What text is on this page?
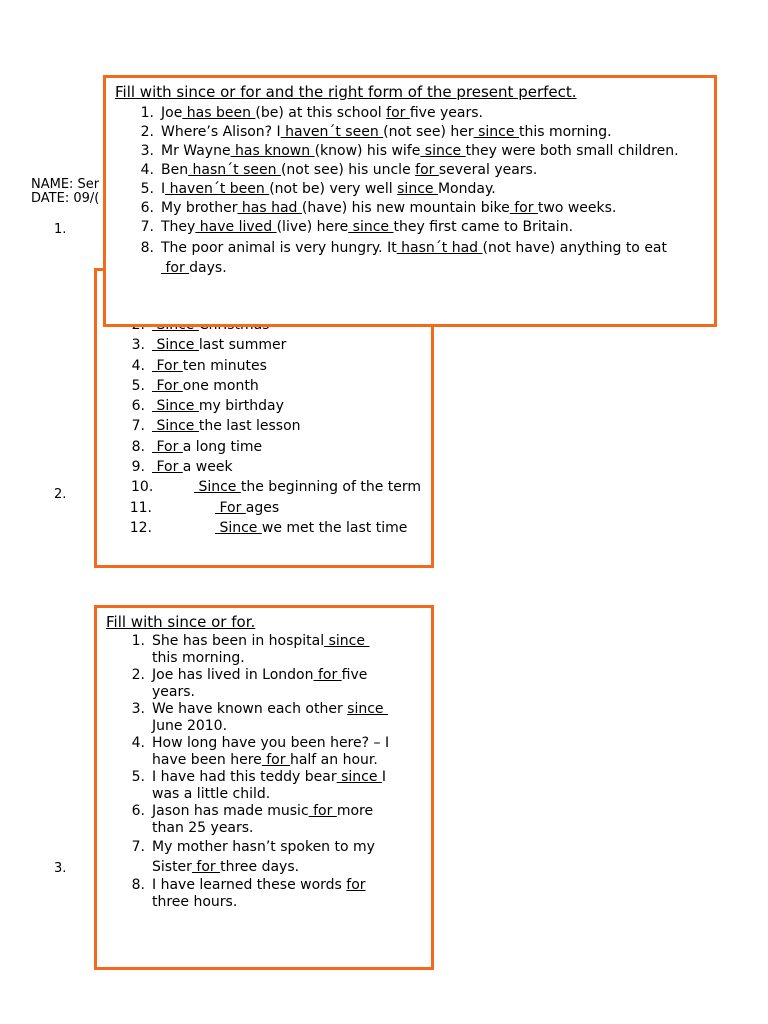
NAME: Ser
DATE: 09/(
1.
2.
3.
3. Since last summer
4. For ten minutes
5. For one month
6. Since my birthday
7. Since the last lesson
8. For a long time
9. For a week
10.	Since the beginning of the term
11.	For ages
12.	Since we met the last time
Fill with since or for and the right form of the present perfect.
1. Joe has been (be) at this school for five years.
2. Where’s Alison? I haven´t seen (not see) her since this morning.
3. Mr Wayne has known (know) his wife since they were both small children.
4. Ben hasn´t seen (not see) his uncle for several years.
5. I haven´t been (not be) very well since Monday.
6. My brother has had (have) his new mountain bike for two weeks.
7. They have lived (live) here since they first came to Britain.
8. The poor animal is very hungry. It hasn´t had (not have) anything to eat for days.
Fill with since or for.
1. She has been in hospital since  this morning.
2. Joe has lived in London for five years.
3. We have known each other since  June 2010.
4. How long have you been here? – I have been here for half an hour.
5. I have had this teddy bear since I was a little child.
6. Jason has made music for more than 25 years.
7. My mother hasn’t spoken to my Sister for three days.
8. I have learned these words for three hours.
